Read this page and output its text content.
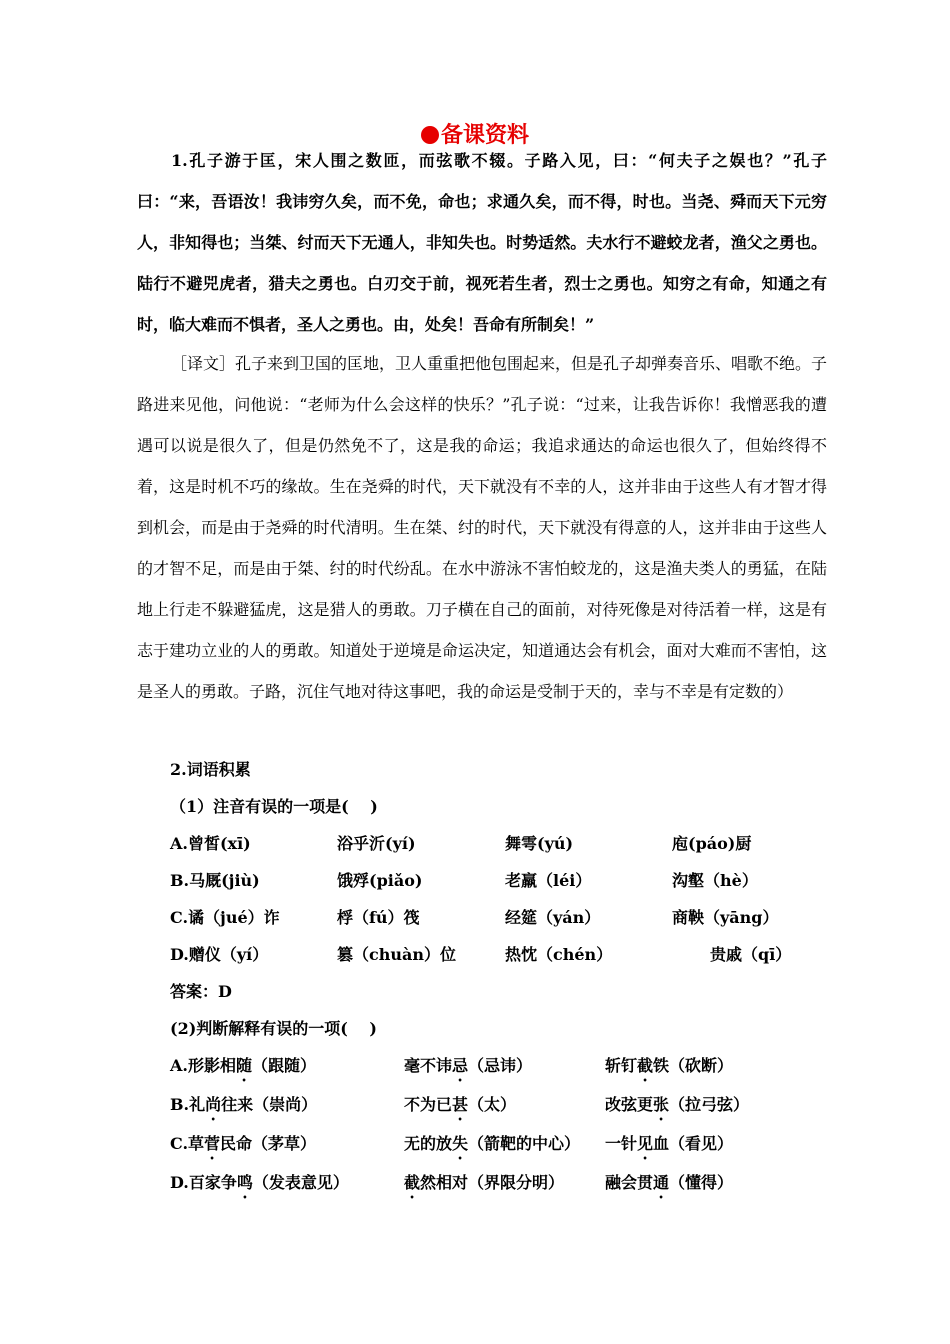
备课资料
1.孔子游于匡，宋人围之数匝，而弦歌不辍。子路入见，曰：“何夫子之娱也？”孔子曰：“来，吾语汝！我讳穷久矣，而不免，命也；求通久矣，而不得，时也。当尧、舜而天下元穷人，非知得也；当桀、纣而天下无通人，非知失也。时势适然。夫水行不避蛟龙者，渔父之勇也。陆行不避兕虎者，猎夫之勇也。白刃交于前，视死若生者，烈士之勇也。知穷之有命，知通之有时，临大难而不惧者，圣人之勇也。由，处矣！吾命有所制矣！”
［译文］孔子来到卫国的匡地，卫人重重把他包围起来，但是孔子却弹奏音乐、唱歌不绝。子路进来见他，问他说：“老师为什么会这样的快乐？”孔子说：“过来，让我告诉你！我憎恶我的遭遇可以说是很久了，但是仍然免不了，这是我的命运；我追求通达的命运也很久了，但始终得不着，这是时机不巧的缘故。生在尧舜的时代，天下就没有不幸的人，这并非由于这些人有才智才得到机会，而是由于尧舜的时代清明。生在桀、纣的时代，天下就没有得意的人，这并非由于这些人的才智不足，而是由于桀、纣的时代纷乱。在水中游泳不害怕蛟龙的，这是渔夫类人的勇猛，在陆地上行走不躲避猛虎，这是猎人的勇敢。刀子横在自己的面前，对待死像是对待活着一样，这是有志于建功立业的人的勇敢。知道处于逆境是命运决定，知道通达会有机会，面对大难而不害怕，这是圣人的勇敢。子路，沉住气地对待这事吧，我的命运是受制于天的，幸与不幸是有定数的）
2.词语积累
（1）注音有误的一项是(　 )
A.曾皙(xī)	浴乎沂(yí)	舞雩(yú)	庖(páo)厨
B.马厩(jiù)	饿殍(piǎo)	老羸（léi）	沟壑（hè）
C.谲（jué）诈	桴（fú）筏	经筵（yán）	商鞅（yāng）
D.赠仪（yí）	篡（chuàn）位	热忱（chén）	贵戚（qī）
答案：D
(2)判断解释有误的一项(　 )
A.形影相随（跟随）	毫不讳忌（忌讳）	斩钉截铁（砍断）
B.礼尚往来（崇尚）	不为已甚（太）	改弦更张（拉弓弦）
C.草菅民命（茅草）	无的放失（箭靶的中心） 一针见血（看见）
D.百家争鸣（发表意见）	截然相对（界限分明）	融会贯通（懂得）
